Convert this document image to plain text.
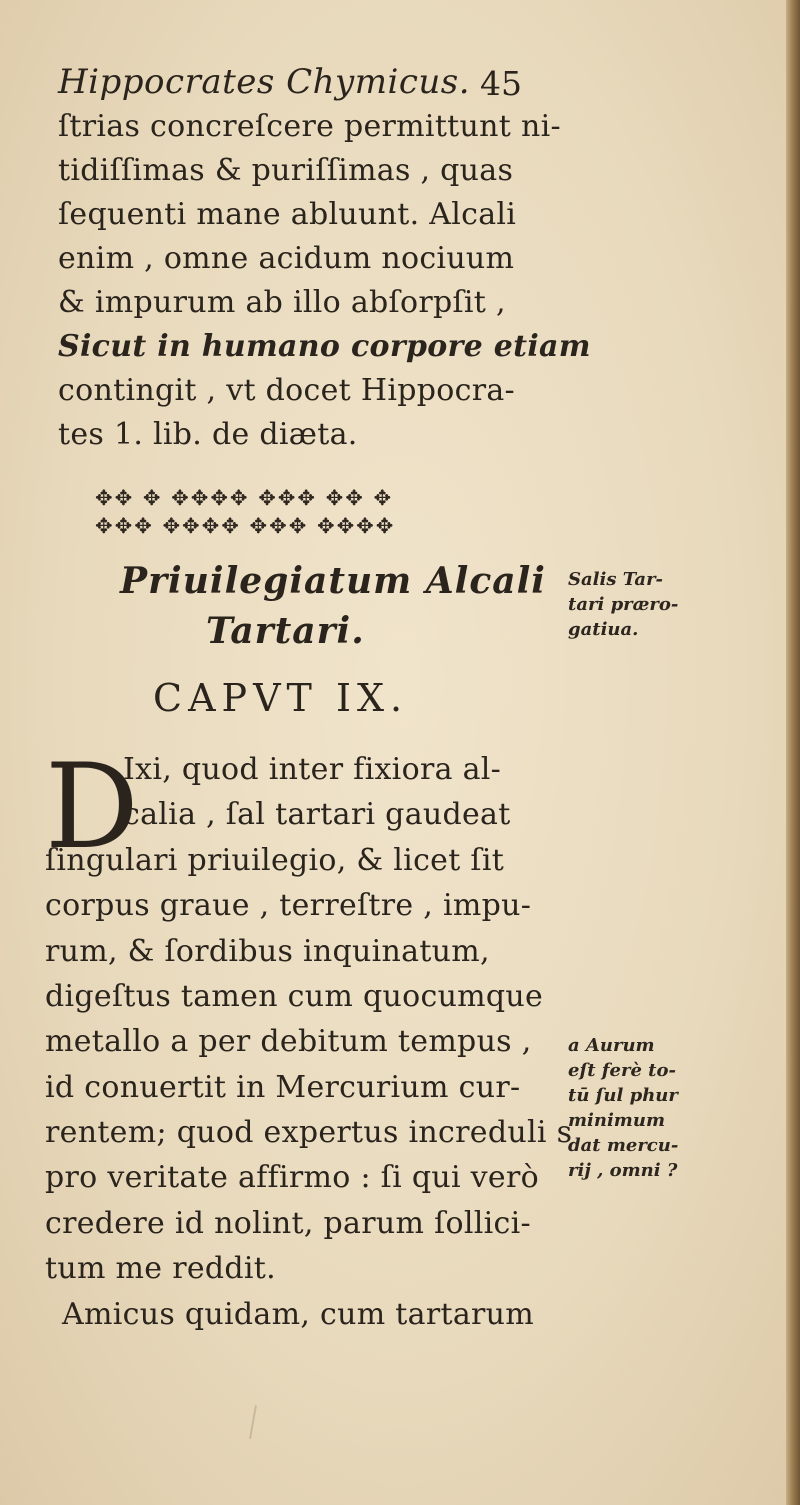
Hippocrates Chymicus. 45
ſtrias concreſcere permittunt ni-
tidiſſimas & puriſſimas , quas
ſequenti mane abluunt. Alcali
enim , omne acidum nociuum
& impurum ab illo abſorpſit ,
Sicut in humano corpore etiam
contingit , vt docet Hippocra-
tes 1. lib. de diæta.
✥✥ ✥ ✥✥✥✥ ✥✥✥ ✥✥ ✥
✥✥✥ ✥✥✥✥ ✥✥✥ ✥✥✥✥
Priuilegiatum Alcali
Tartari.
CAPVT IX.
D
Ixi, quod inter fixiora al-
calia , ſal tartari gaudeat
ſingulari priuilegio, & licet ſit
corpus graue , terreſtre , impu-
rum, & ſordibus inquinatum,
digeſtus tamen cum quocumque
metallo a per debitum tempus ,
id conuertit in Mercurium cur-
rentem; quod expertus increduli s
pro veritate affirmo : ſi qui verò
credere id nolint, parum ſollici-
tum me reddit.
Amicus quidam, cum tartarum
Salis Tar-
tari præro-
gatiua.
a Aurum
eſt ferè to-
tū ſul phur
minimum
dat mercu-
rij , omni ?
